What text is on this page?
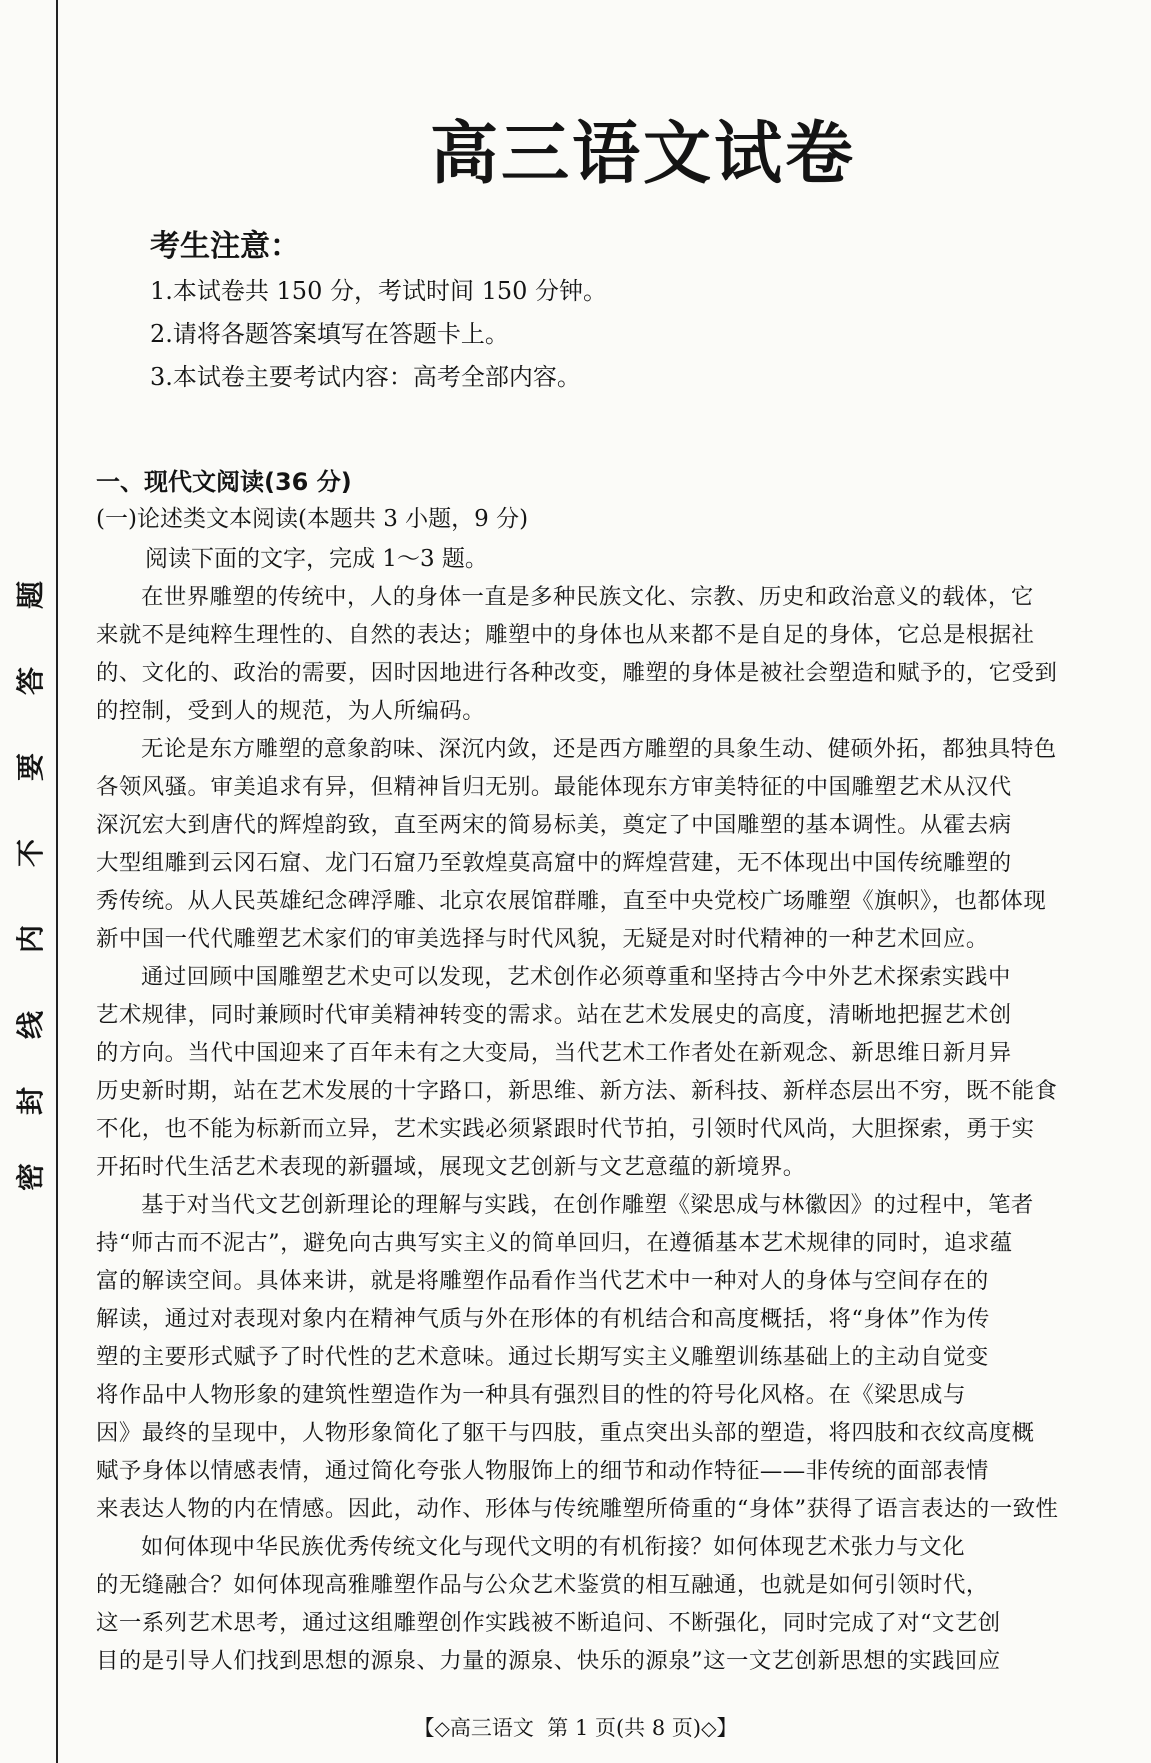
题
答
要
不
内
线
封
密
高三语文试卷
考生注意：
1.本试卷共 150 分，考试时间 150 分钟。
2.请将各题答案填写在答题卡上。
3.本试卷主要考试内容：高考全部内容。
一、现代文阅读(36 分)
(一)论述类文本阅读(本题共 3 小题，9 分)
阅读下面的文字，完成 1～3 题。
在世界雕塑的传统中，人的身体一直是多种民族文化、宗教、历史和政治意义的载体，它
来就不是纯粹生理性的、自然的表达；雕塑中的身体也从来都不是自足的身体，它总是根据社
的、文化的、政治的需要，因时因地进行各种改变，雕塑的身体是被社会塑造和赋予的，它受到
的控制，受到人的规范，为人所编码。
无论是东方雕塑的意象韵味、深沉内敛，还是西方雕塑的具象生动、健硕外拓，都独具特色
各领风骚。审美追求有异，但精神旨归无别。最能体现东方审美特征的中国雕塑艺术从汉代
深沉宏大到唐代的辉煌韵致，直至两宋的简易标美，奠定了中国雕塑的基本调性。从霍去病
大型组雕到云冈石窟、龙门石窟乃至敦煌莫高窟中的辉煌营建，无不体现出中国传统雕塑的
秀传统。从人民英雄纪念碑浮雕、北京农展馆群雕，直至中央党校广场雕塑《旗帜》，也都体现
新中国一代代雕塑艺术家们的审美选择与时代风貌，无疑是对时代精神的一种艺术回应。
通过回顾中国雕塑艺术史可以发现，艺术创作必须尊重和坚持古今中外艺术探索实践中
艺术规律，同时兼顾时代审美精神转变的需求。站在艺术发展史的高度，清晰地把握艺术创
的方向。当代中国迎来了百年未有之大变局，当代艺术工作者处在新观念、新思维日新月异
历史新时期，站在艺术发展的十字路口，新思维、新方法、新科技、新样态层出不穷，既不能食
不化，也不能为标新而立异，艺术实践必须紧跟时代节拍，引领时代风尚，大胆探索，勇于实
开拓时代生活艺术表现的新疆域，展现文艺创新与文艺意蕴的新境界。
基于对当代文艺创新理论的理解与实践，在创作雕塑《梁思成与林徽因》的过程中，笔者
持“师古而不泥古”，避免向古典写实主义的简单回归，在遵循基本艺术规律的同时，追求蕴
富的解读空间。具体来讲，就是将雕塑作品看作当代艺术中一种对人的身体与空间存在的
解读，通过对表现对象内在精神气质与外在形体的有机结合和高度概括，将“身体”作为传
塑的主要形式赋予了时代性的艺术意味。通过长期写实主义雕塑训练基础上的主动自觉变
将作品中人物形象的建筑性塑造作为一种具有强烈目的性的符号化风格。在《梁思成与
因》最终的呈现中，人物形象简化了躯干与四肢，重点突出头部的塑造，将四肢和衣纹高度概
赋予身体以情感表情，通过简化夸张人物服饰上的细节和动作特征——非传统的面部表情
来表达人物的内在情感。因此，动作、形体与传统雕塑所倚重的“身体”获得了语言表达的一致性
如何体现中华民族优秀传统文化与现代文明的有机衔接？如何体现艺术张力与文化
的无缝融合？如何体现高雅雕塑作品与公众艺术鉴赏的相互融通，也就是如何引领时代，
这一系列艺术思考，通过这组雕塑创作实践被不断追问、不断强化，同时完成了对“文艺创
目的是引导人们找到思想的源泉、力量的源泉、快乐的源泉”这一文艺创新思想的实践回应
【◇高三语文 第 1 页(共 8 页)◇】
